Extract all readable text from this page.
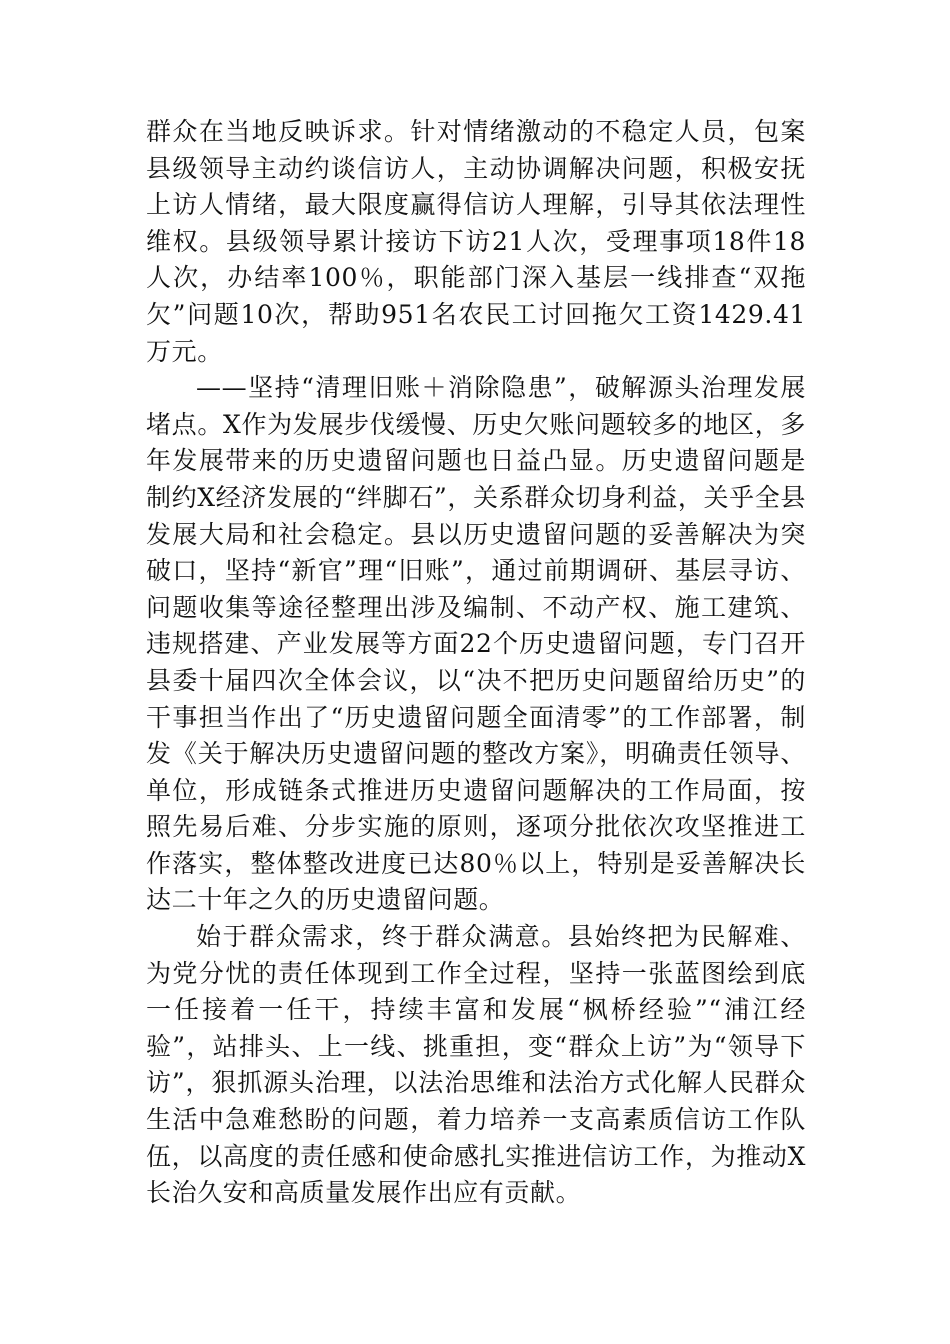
群众在当地反映诉求。针对情绪激动的不稳定人员，包案县级领导主动约谈信访人，主动协调解决问题，积极安抚上访人情绪，最大限度赢得信访人理解，引导其依法理性维权。县级领导累计接访下访21人次，受理事项18件18人次，办结率100％，职能部门深入基层一线排查“双拖欠”问题10次，帮助951名农民工讨回拖欠工资1429.41万元。

——坚持“清理旧账＋消除隐患”，破解源头治理发展堵点。X作为发展步伐缓慢、历史欠账问题较多的地区，多年发展带来的历史遗留问题也日益凸显。历史遗留问题是制约X经济发展的“绊脚石”，关系群众切身利益，关乎全县发展大局和社会稳定。县以历史遗留问题的妥善解决为突破口，坚持“新官”理“旧账”，通过前期调研、基层寻访、问题收集等途径整理出涉及编制、不动产权、施工建筑、违规搭建、产业发展等方面22个历史遗留问题，专门召开县委十届四次全体会议，以“决不把历史问题留给历史”的干事担当作出了“历史遗留问题全面清零”的工作部署，制发《关于解决历史遗留问题的整改方案》，明确责任领导、单位，形成链条式推进历史遗留问题解决的工作局面，按照先易后难、分步实施的原则，逐项分批依次攻坚推进工作落实，整体整改进度已达80％以上，特别是妥善解决长达二十年之久的历史遗留问题。

始于群众需求，终于群众满意。县始终把为民解难、为党分忧的责任体现到工作全过程，坚持一张蓝图绘到底一任接着一任干，持续丰富和发展“枫桥经验”“浦江经验”，站排头、上一线、挑重担，变“群众上访”为“领导下访”，狠抓源头治理，以法治思维和法治方式化解人民群众生活中急难愁盼的问题，着力培养一支高素质信访工作队伍，以高度的责任感和使命感扎实推进信访工作，为推动X长治久安和高质量发展作出应有贡献。
